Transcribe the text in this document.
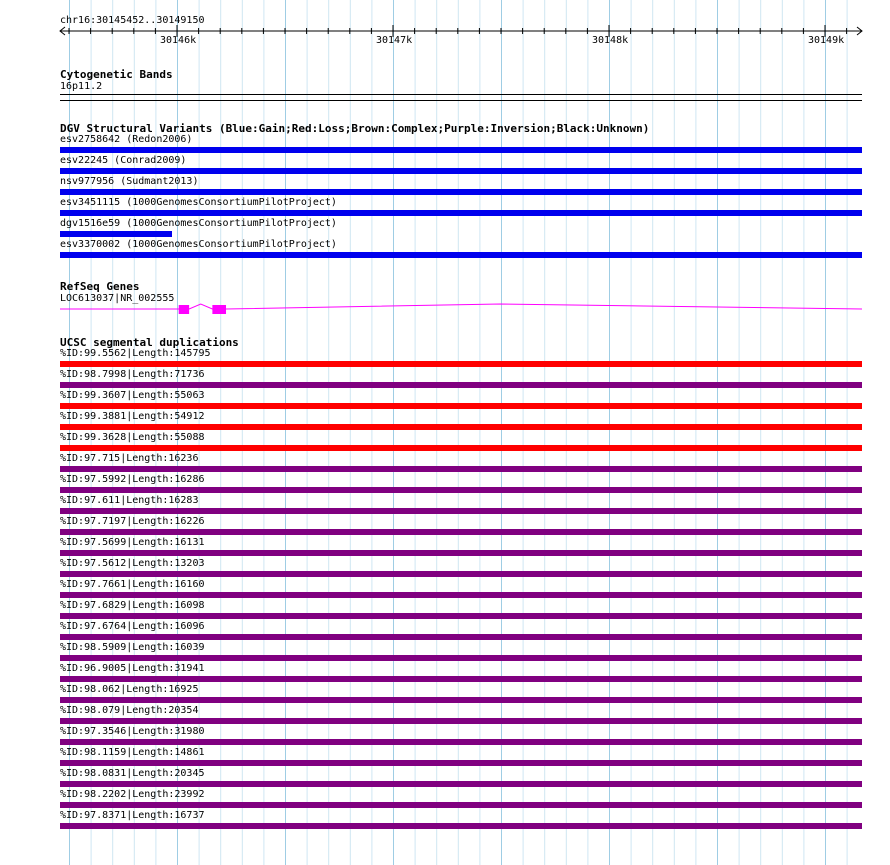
chr16:30145452..30149150
30146k	30147k	30148k	30149k
Cytogenetic Bands
16p11.2
DGV Structural Variants (Blue:Gain;Red:Loss;Brown:Complex;Purple:Inversion;Black:Unknown)
esv2758642 (Redon2006)
esv22245 (Conrad2009)
nsv977956 (Sudmant2013)
esv3451115 (1000GenomesConsortiumPilotProject)
dgv1516e59 (1000GenomesConsortiumPilotProject)
esv3370002 (1000GenomesConsortiumPilotProject)
RefSeq Genes
LOC613037|NR_002555
UCSC segmental duplications
%ID:99.5562|Length:145795
%ID:98.7998|Length:71736
%ID:99.3607|Length:55063
%ID:99.3881|Length:54912
%ID:99.3628|Length:55088
%ID:97.715|Length:16236
%ID:97.5992|Length:16286
%ID:97.611|Length:16283
%ID:97.7197|Length:16226
%ID:97.5699|Length:16131
%ID:97.5612|Length:13203
%ID:97.7661|Length:16160
%ID:97.6829|Length:16098
%ID:97.6764|Length:16096
%ID:98.5909|Length:16039
%ID:96.9005|Length:31941
%ID:98.062|Length:16925
%ID:98.079|Length:20354
%ID:97.3546|Length:31980
%ID:98.1159|Length:14861
%ID:98.0831|Length:20345
%ID:98.2202|Length:23992
%ID:97.8371|Length:16737
